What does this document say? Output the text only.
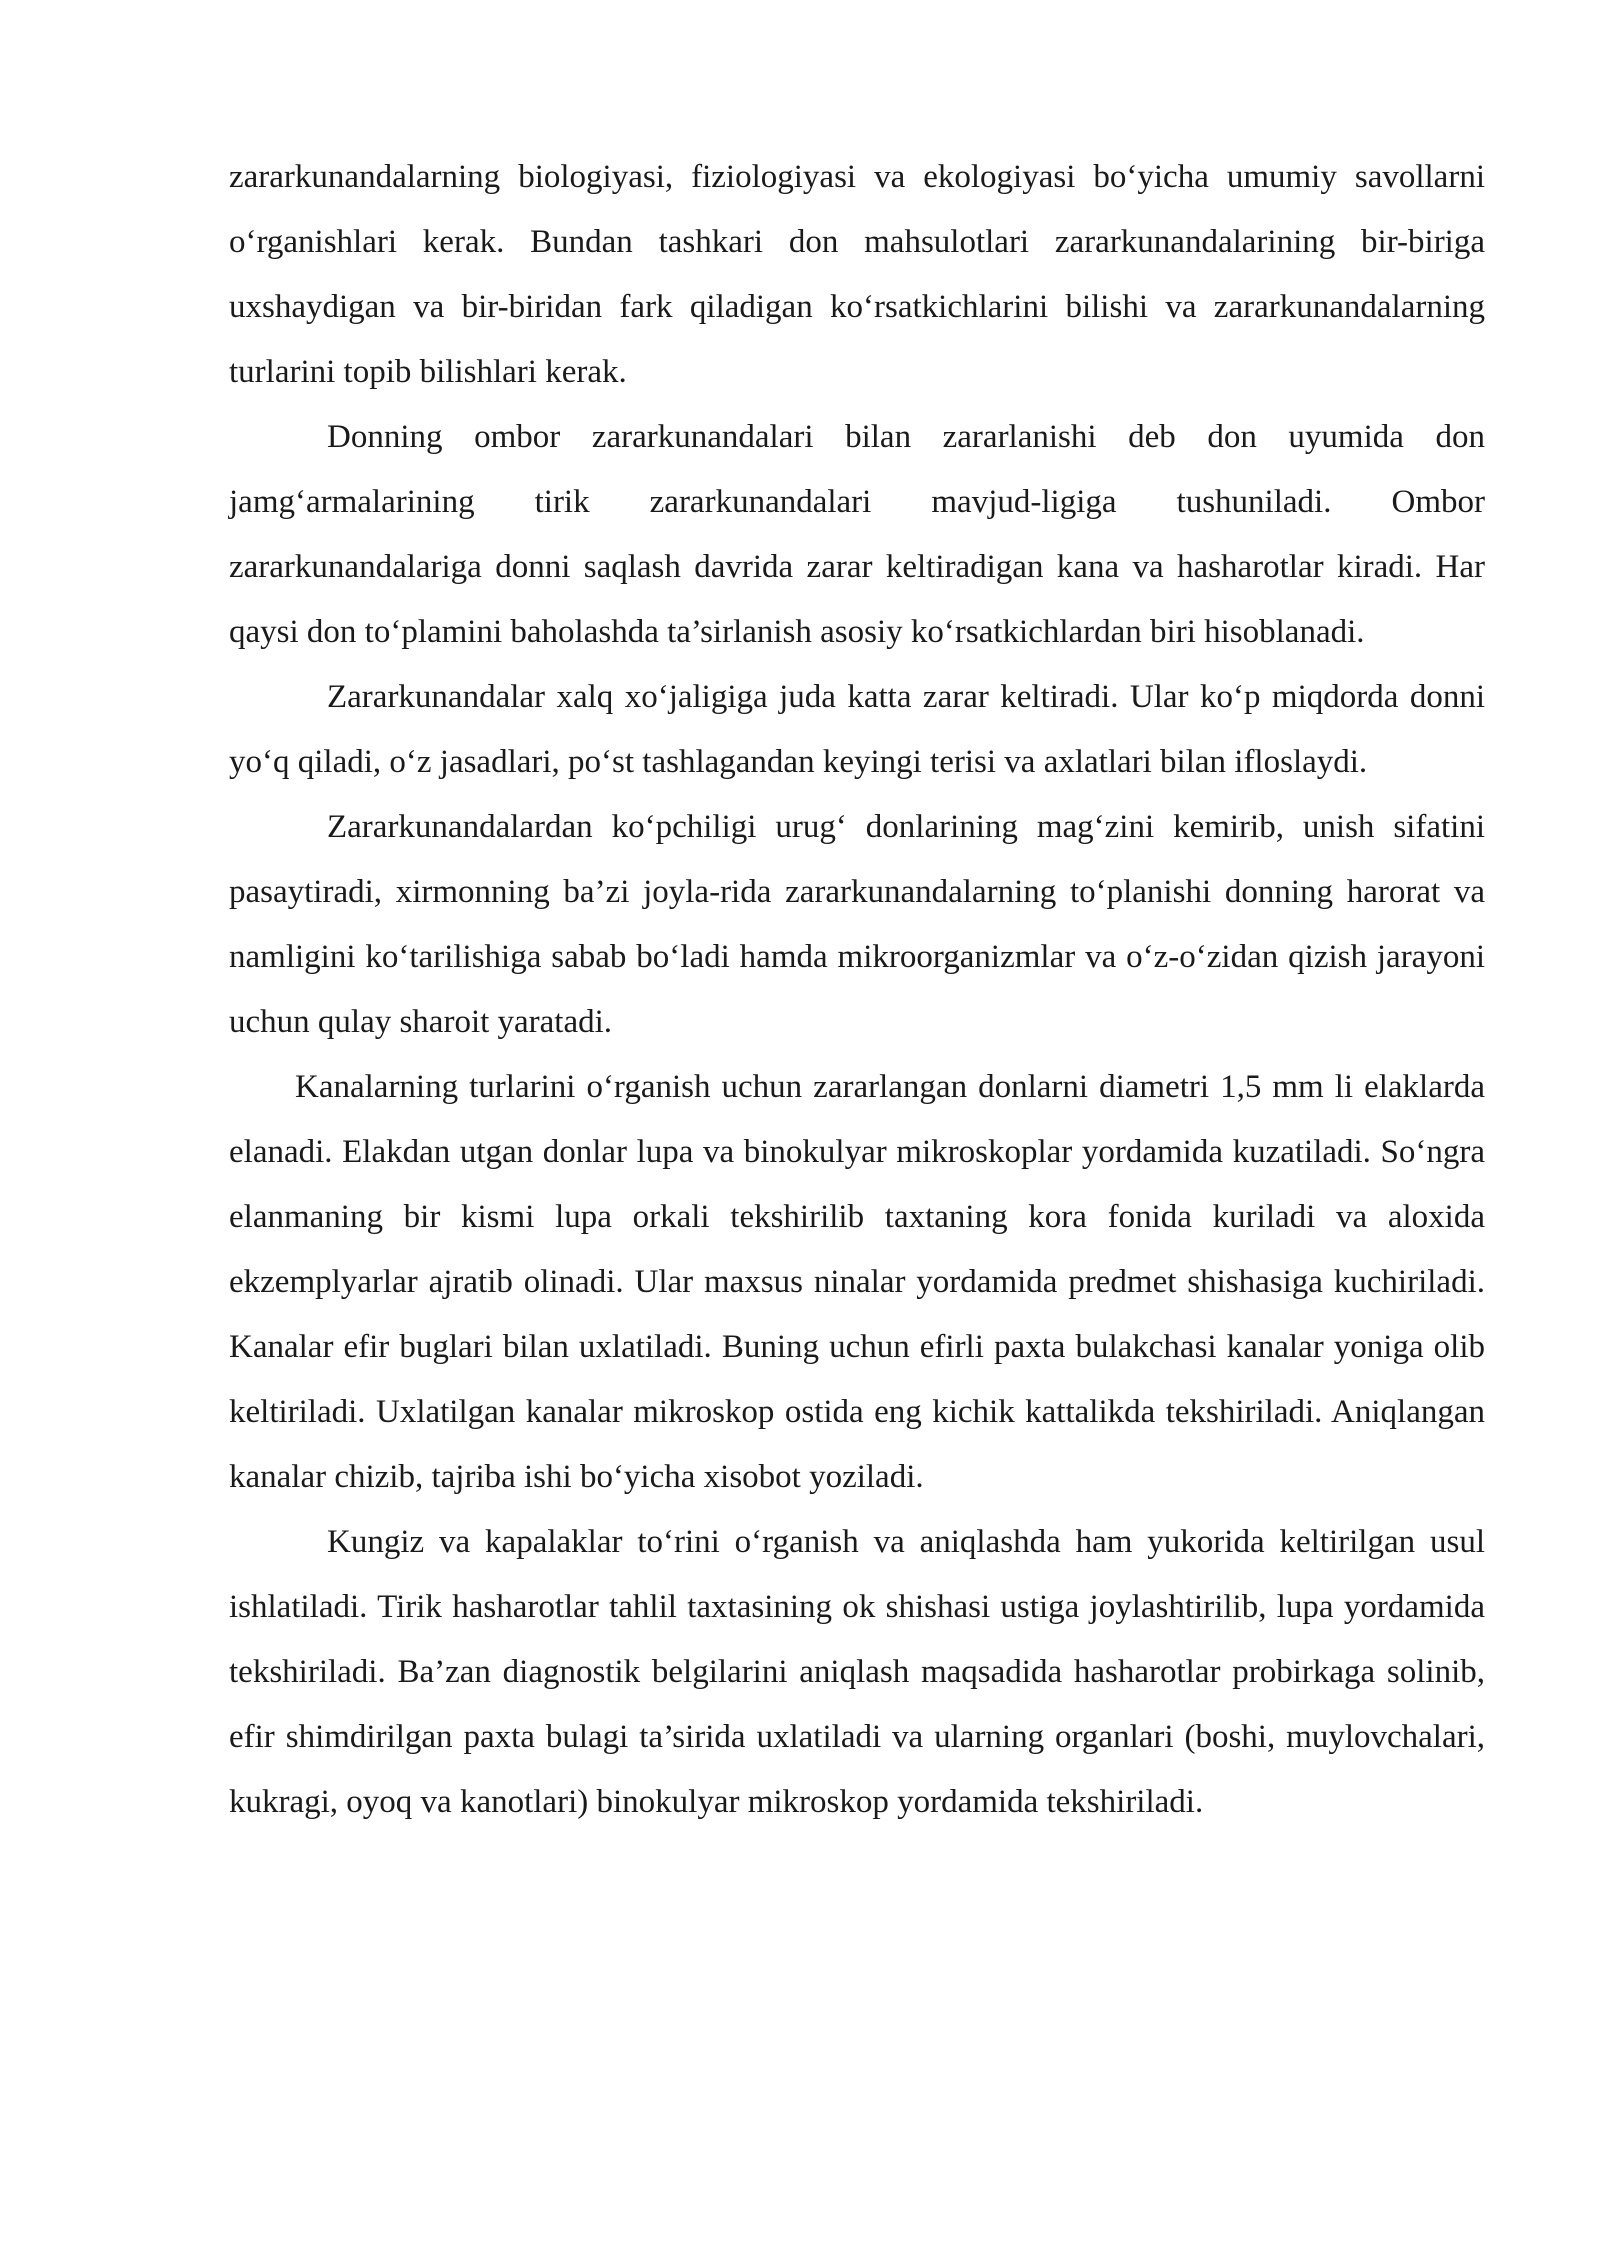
zararkunandalarning biologiyasi, fiziologiyasi va ekologiyasi bo‘yicha umumiy savollarni o‘rganishlari kerak. Bundan tashkari don mahsulotlari zararkunandalarining bir-biriga uxshaydigan va bir-biridan fark qiladigan ko‘rsatkichlarini bilishi va zararkunandalarning turlarini topib bilishlari kerak.

Donning ombor zararkunandalari bilan zararlanishi deb don uyumida don jamg‘armalarining tirik zararkunandalari mavjud-ligiga tushuniladi. Ombor zararkunandalariga donni saqlash davrida zarar keltiradigan kana va hasharotlar kiradi. Har qaysi don to‘plamini baholashda ta’sirlanish asosiy ko‘rsatkichlardan biri hisoblanadi.

Zararkunandalar xalq xo‘jaligiga juda katta zarar keltiradi. Ular ko‘p miqdorda donni yo‘q qiladi, o‘z jasadlari, po‘st tashlagandan keyingi terisi va axlatlari bilan ifloslaydi.

Zararkunandalardan ko‘pchiligi urug‘ donlarining mag‘zini kemirib, unish sifatini pasaytiradi, xirmonning ba’zi joyla-rida zararkunandalarning to‘planishi donning harorat va namligini ko‘tarilishiga sabab bo‘ladi hamda mikroorganizmlar va o‘z-o‘zidan qizish jarayoni uchun qulay sharoit yaratadi.

Kanalarning turlarini o‘rganish uchun zararlangan donlarni diametri 1,5 mm li elaklarda elanadi. Elakdan utgan donlar lupa va binokulyar mikroskoplar yordamida kuzatiladi. So‘ngra elanmaning bir kismi lupa orkali tekshirilib taxtaning kora fonida kuriladi va aloxida ekzemplyarlar ajratib olinadi. Ular maxsus ninalar yordamida predmet shishasiga kuchiriladi. Kanalar efir buglari bilan uxlatiladi. Buning uchun efirli paxta bulakchasi kanalar yoniga olib keltiriladi. Uxlatilgan kanalar mikroskop ostida eng kichik kattalikda tekshiriladi. Aniqlangan kanalar chizib, tajriba ishi bo‘yicha xisobot yoziladi.

Kungiz va kapalaklar to‘rini o‘rganish va aniqlashda ham yukorida keltirilgan usul ishlatiladi. Tirik hasharotlar tahlil taxtasining ok shishasi ustiga joylashtirilib, lupa yordamida tekshiriladi. Ba’zan diagnostik belgilarini aniqlash maqsadida hasharotlar probirkaga solinib, efir shimdirilgan paxta bulagi ta’sirida uxlatiladi va ularning organlari (boshi, muylovchalari, kukragi, oyoq va kanotlari) binokulyar mikroskop yordamida tekshiriladi.
